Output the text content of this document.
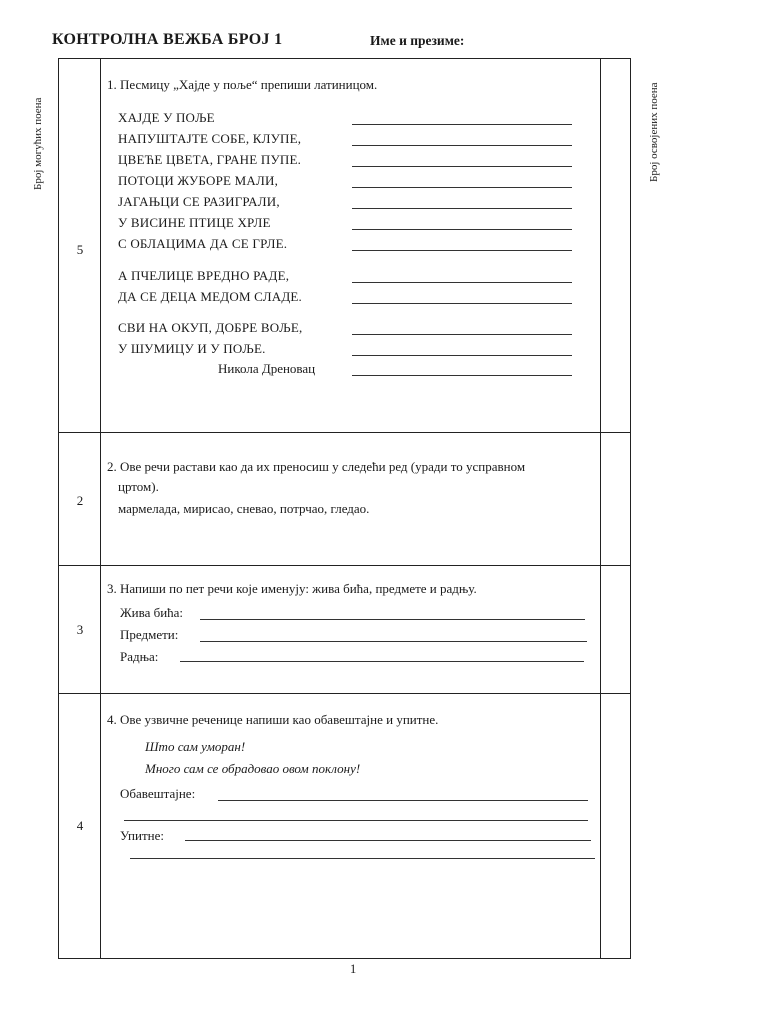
КОНТРОЛНА ВЕЖБА БРОЈ 1	Име и презиме:
Број могућих поена	Број освојених поена
5
2
3
4
1. Песмицу „Хајде у поље“ препиши латиницом.
ХАЈДЕ У ПОЉЕ
НАПУШТАЈТЕ СОБЕ, КЛУПЕ,
ЦВЕЋЕ ЦВЕТА, ГРАНЕ ПУПЕ.
ПОТОЦИ ЖУБОРЕ МАЛИ,
ЈАГАЊЦИ СЕ РАЗИГРАЛИ,
У ВИСИНЕ ПТИЦЕ ХРЛЕ
С ОБЛАЦИМА ДА СЕ ГРЛЕ.
А ПЧЕЛИЦЕ ВРЕДНО РАДЕ,
ДА СЕ ДЕЦА МЕДОМ СЛАДЕ.
СВИ НА ОКУП, ДОБРЕ ВОЉЕ,
У ШУМИЦУ И У ПОЉЕ.
Никола Дреновац
2. Ове речи растави као да их преносиш у следећи ред (уради то усправном
цртом).
мармелада, мирисао, сневао, потрчао, гледао.
3. Напиши по пет речи које именују: жива бића, предмете и радњу.
Жива бића:
Предмети:
Радња:
4. Ове узвичне реченице напиши као обавештајне и упитне.
Што сам уморан!
Много сам се обрадовао овом поклону!
Обавештајне:
Упитне:
1
